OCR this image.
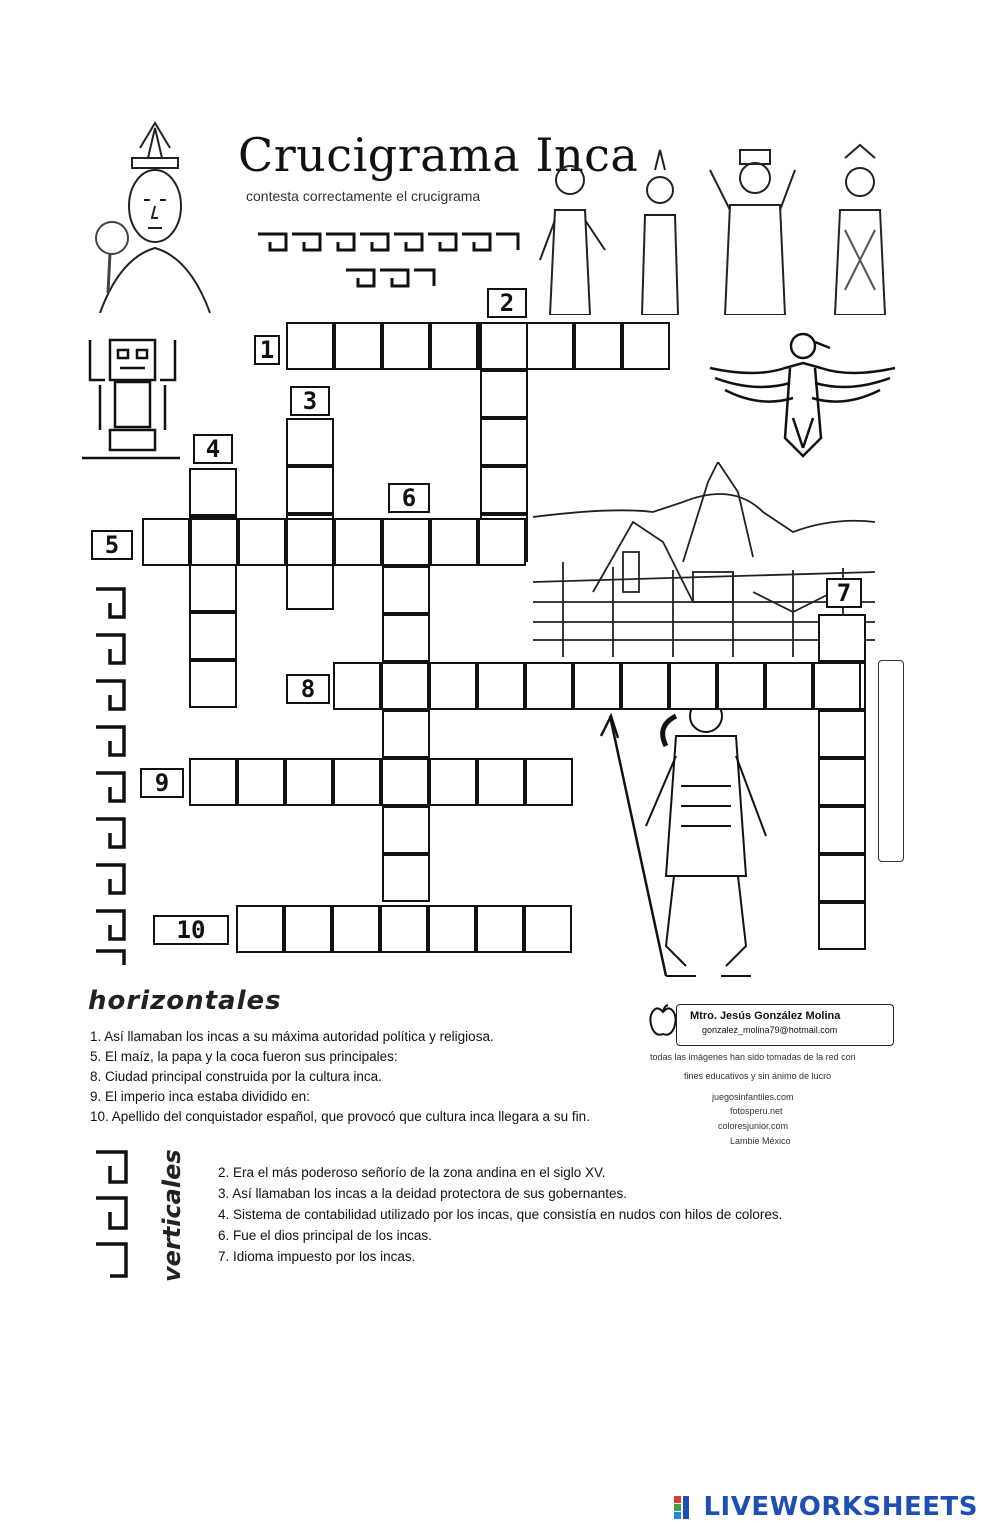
Crucigrama Inca
contesta correctamente el crucigrama
1
2
3
4
5
6
7
8
9
10
horizontales
1. Así llamaban los incas a su máxima autoridad política y religiosa.
5. El maíz, la papa y la coca fueron sus principales:
8. Ciudad principal construida por la cultura inca.
9. El imperio inca estaba dividido en:
10. Apellido del conquistador español, que provocó que cultura inca llegara a su fin.
verticales 2. Era el más poderoso señorío de la zona andina en el siglo XV.
3. Así llamaban los incas a la deidad protectora de sus gobernantes.
4. Sistema de contabilidad utilizado por los incas, que consistía en nudos con hilos de colores.
6. Fue el dios principal de los incas.
7. Idioma impuesto por los incas.
Mtro. Jesús González Molina
gonzalez_molina79@hotmail.com
todas las imágenes han sido tomadas de la red con
fines educativos y sin ánimo de lucro
juegosinfantiles.com
fotosperu.net
coloresjunior.com
Lambie México
LIVEWORKSHEETS
